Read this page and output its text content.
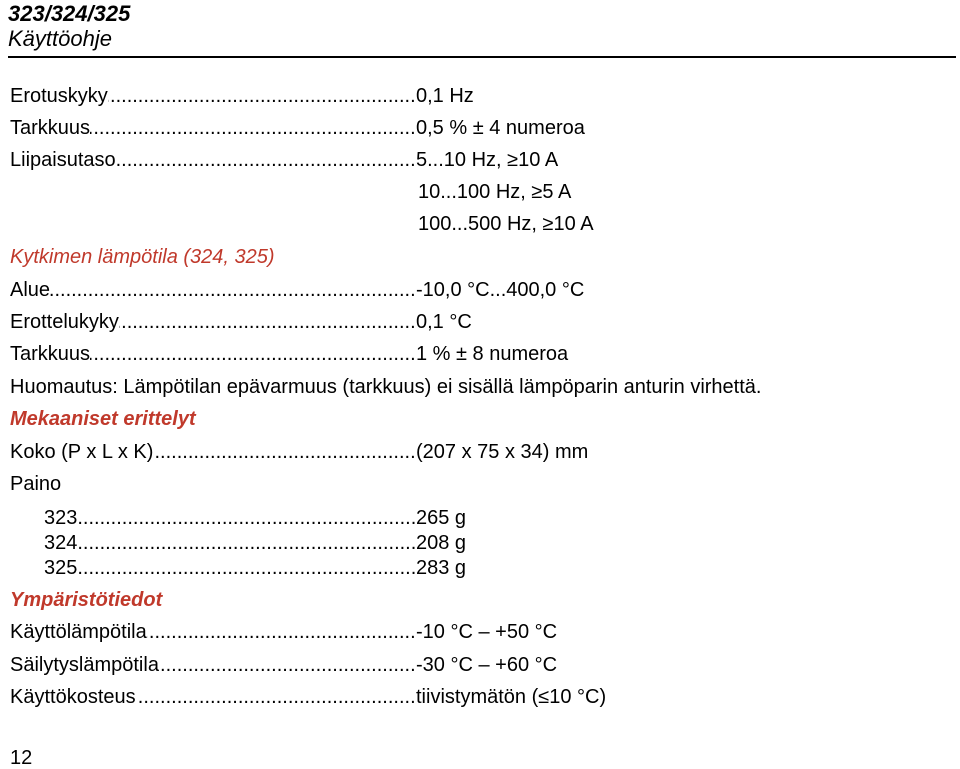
323/324/325
Käyttöohje
Erotuskyky .....	0,1 Hz
Tarkkuus .....	0,5 % ± 4 numeroa
Liipaisutaso .....	5...10 Hz, ≥10 A
10...100 Hz, ≥5 A
100...500 Hz, ≥10 A
Kytkimen lämpötila (324, 325)
Alue .....	-10,0 °C...400,0 °C
Erottelukyky .....	0,1 °C
Tarkkuus .....	1 % ± 8 numeroa
Huomautus: Lämpötilan epävarmuus (tarkkuus) ei sisällä lämpöparin anturin virhettä.
Mekaaniset erittelyt
Koko (P x L x K) .....	(207 x 75 x 34) mm
Paino
323 .....	265 g
324 .....	208 g
325 .....	283 g
Ympäristötiedot
Käyttölämpötila .....	-10 °C – +50 °C
Säilytyslämpötila .....	-30 °C – +60 °C
Käyttökosteus .....	tiivistymätön (≤10 °C)
12
